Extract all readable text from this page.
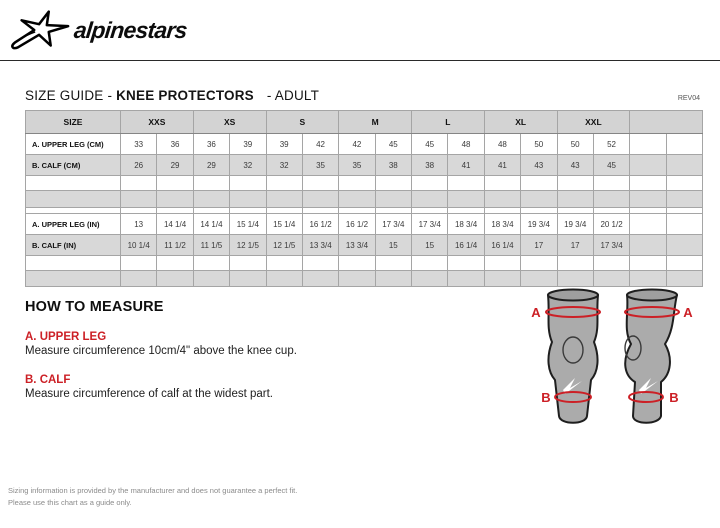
alpinestars
SIZE GUIDE - KNEE PROTECTORS - ADULT	REV04
SIZE	XXS		XS		S		M		L		XL		XXL			
A. UPPER LEG (CM)	33	36	36	39	39	42	42	45	45	48	48	50	50	52		
B. CALF (CM)	26	29	29	32	32	35	35	38	38	41	41	43	43	45		

A. UPPER LEG (IN)	13	14 1/4	14 1/4	15 1/4	15 1/4	16 1/2	16 1/2	17 3/4	17 3/4	18 3/4	18 3/4	19 3/4	19 3/4	20 1/2		
B. CALF (IN)	10 1/4	11 1/2	11 1/5	12 1/5	12 1/5	13 3/4	13 3/4	15	15	16 1/4	16 1/4	17	17	17 3/4		

HOW TO MEASURE
A. UPPER LEG
Measure circumference 10cm/4" above the knee cup.
B. CALF
Measure circumference of calf at the widest part.
A	A
B	B

Sizing information is provided by the manufacturer and does not guarantee a perfect fit.

Please use this chart as a guide only.
